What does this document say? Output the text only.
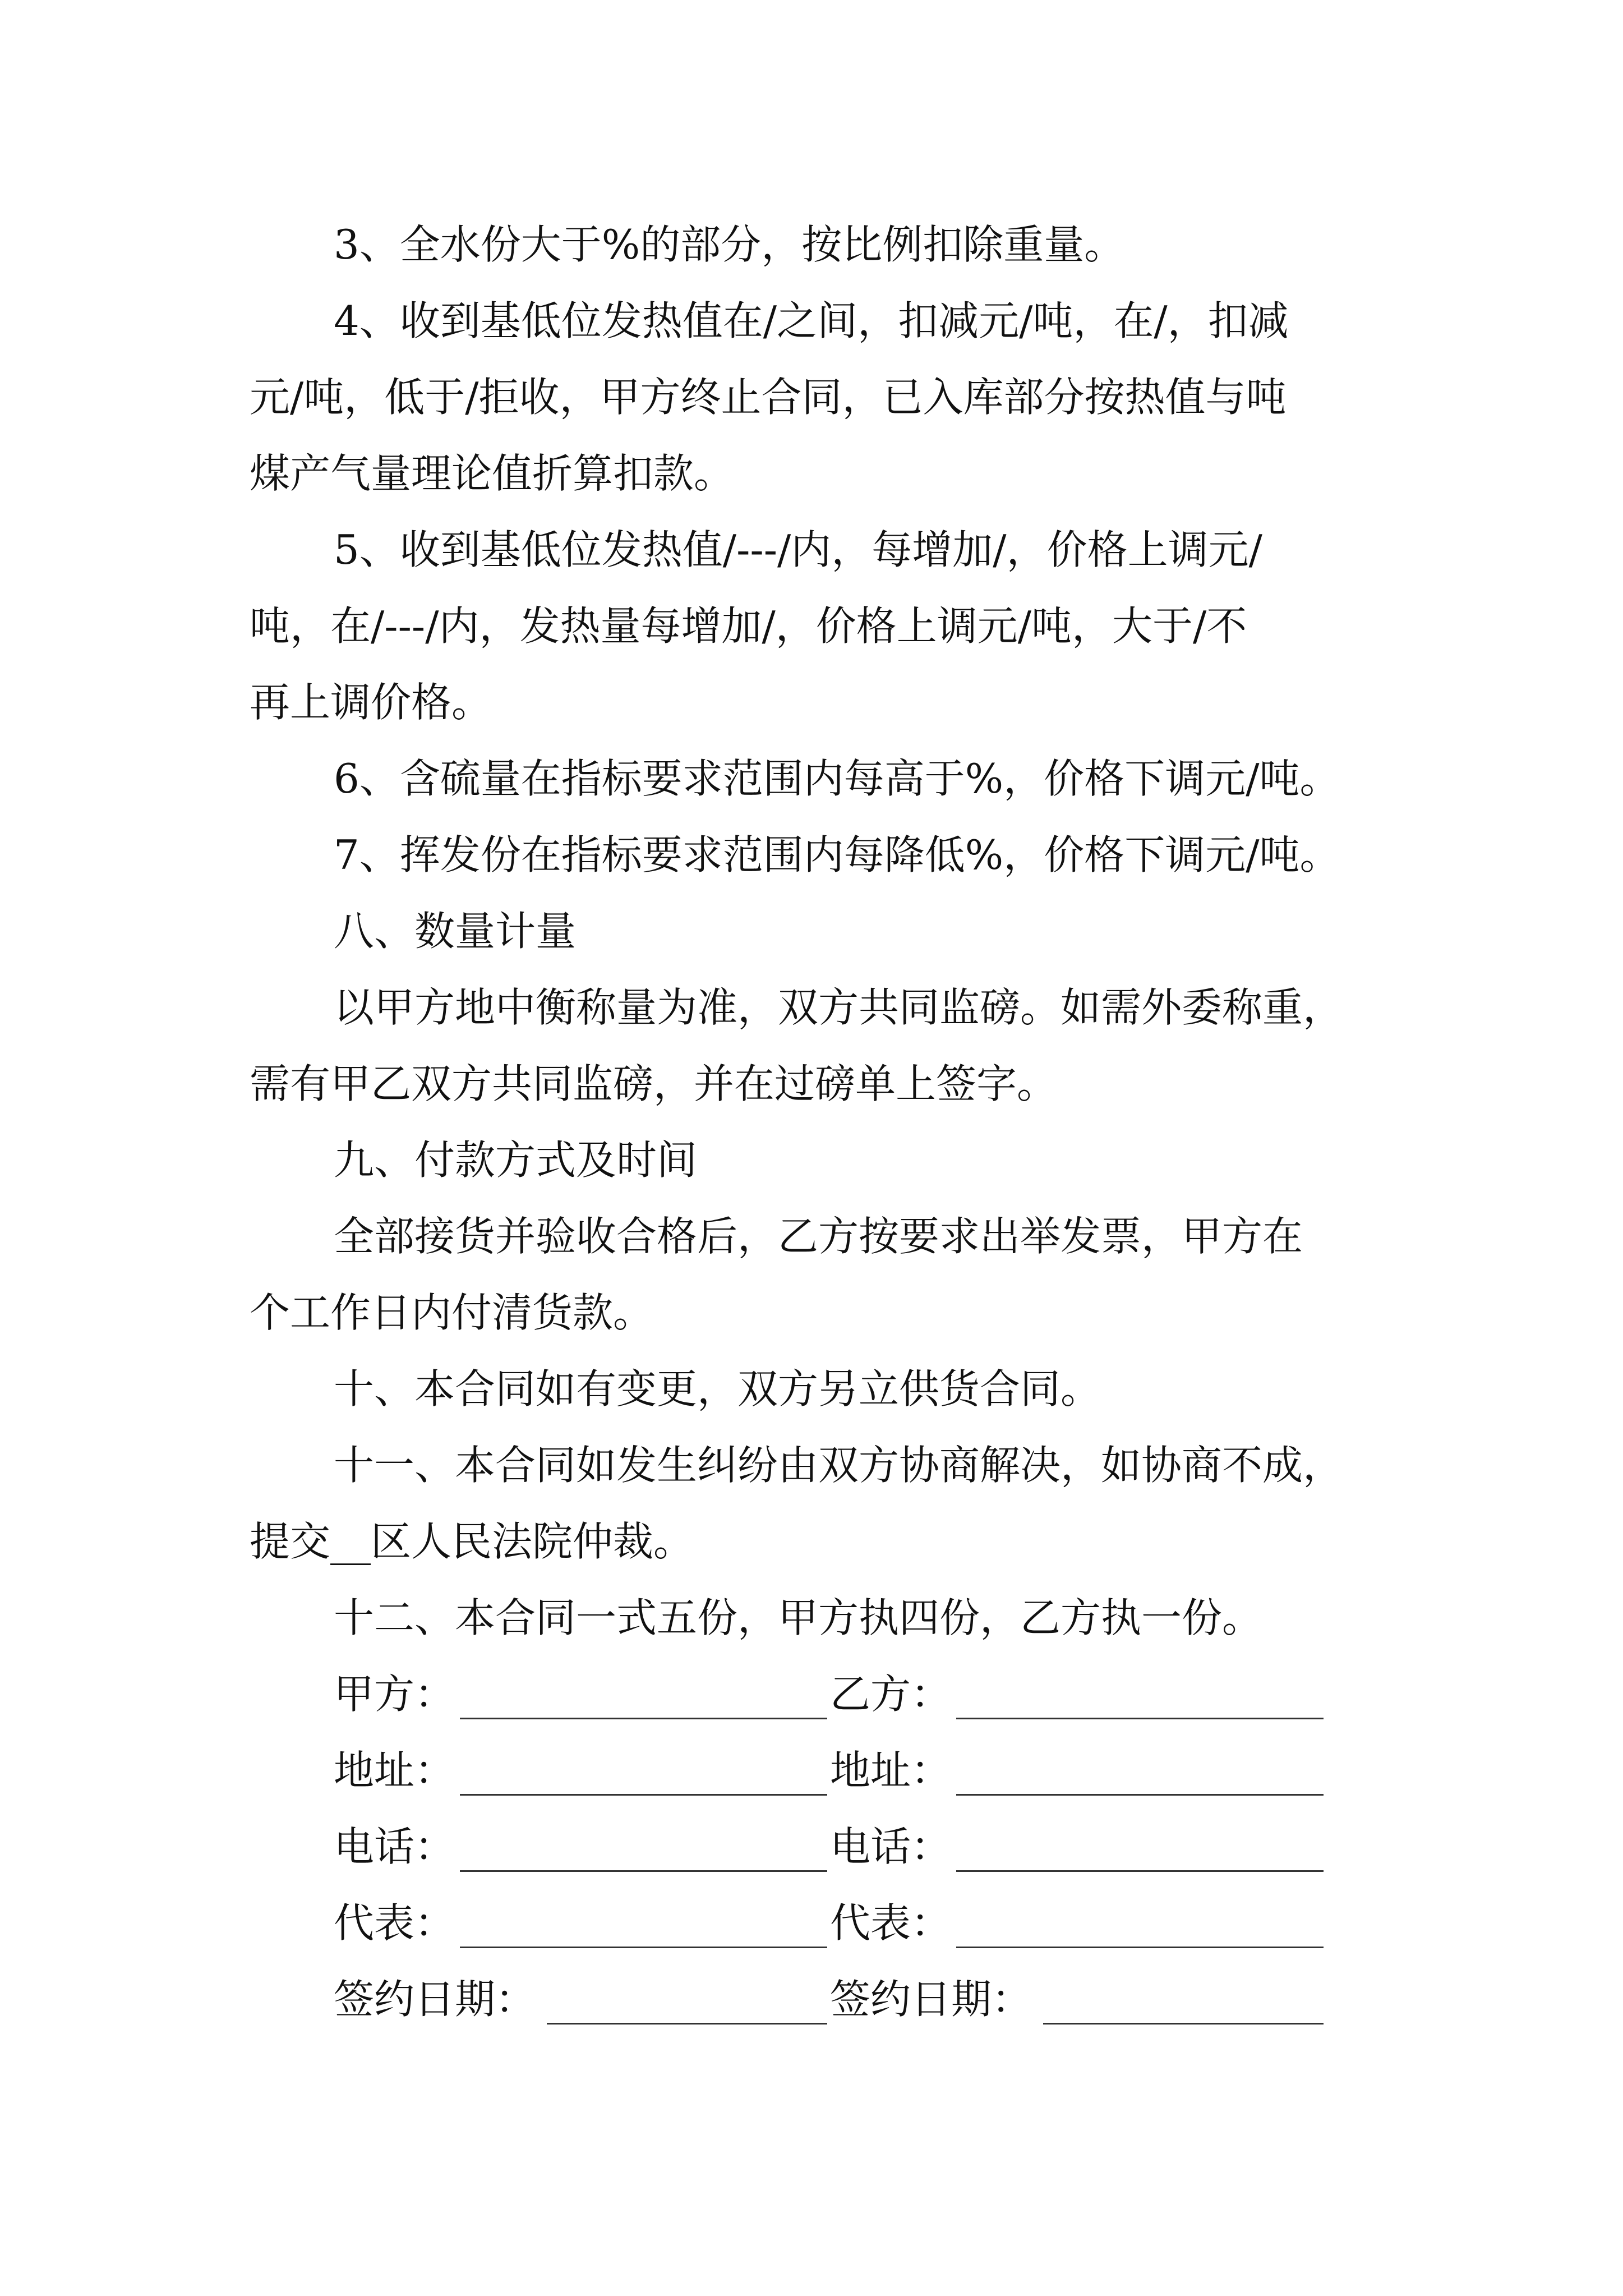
3、全水份大于%的部分，按比例扣除重量。
4、收到基低位发热值在/之间，扣减元/吨，在/，扣减
元/吨，低于/拒收，甲方终止合同，已入库部分按热值与吨
煤产气量理论值折算扣款。
5、收到基低位发热值/---/内，每增加/，价格上调元/
吨，在/---/内，发热量每增加/，价格上调元/吨，大于/不
再上调价格。
6、含硫量在指标要求范围内每高于%，价格下调元/吨。
7、挥发份在指标要求范围内每降低%，价格下调元/吨。
八、数量计量
以甲方地中衡称量为准，双方共同监磅。如需外委称重，
需有甲乙双方共同监磅，并在过磅单上签字。
九、付款方式及时间
全部接货并验收合格后，乙方按要求出举发票，甲方在
个工作日内付清货款。
十、本合同如有变更，双方另立供货合同。
十一、本合同如发生纠纷由双方协商解决，如协商不成，
提交__区人民法院仲裁。
十二、本合同一式五份，甲方执四份，乙方执一份。
甲方：	乙方：
地址：	地址：
电话：	电话：
代表：	代表：
签约日期：	签约日期：
